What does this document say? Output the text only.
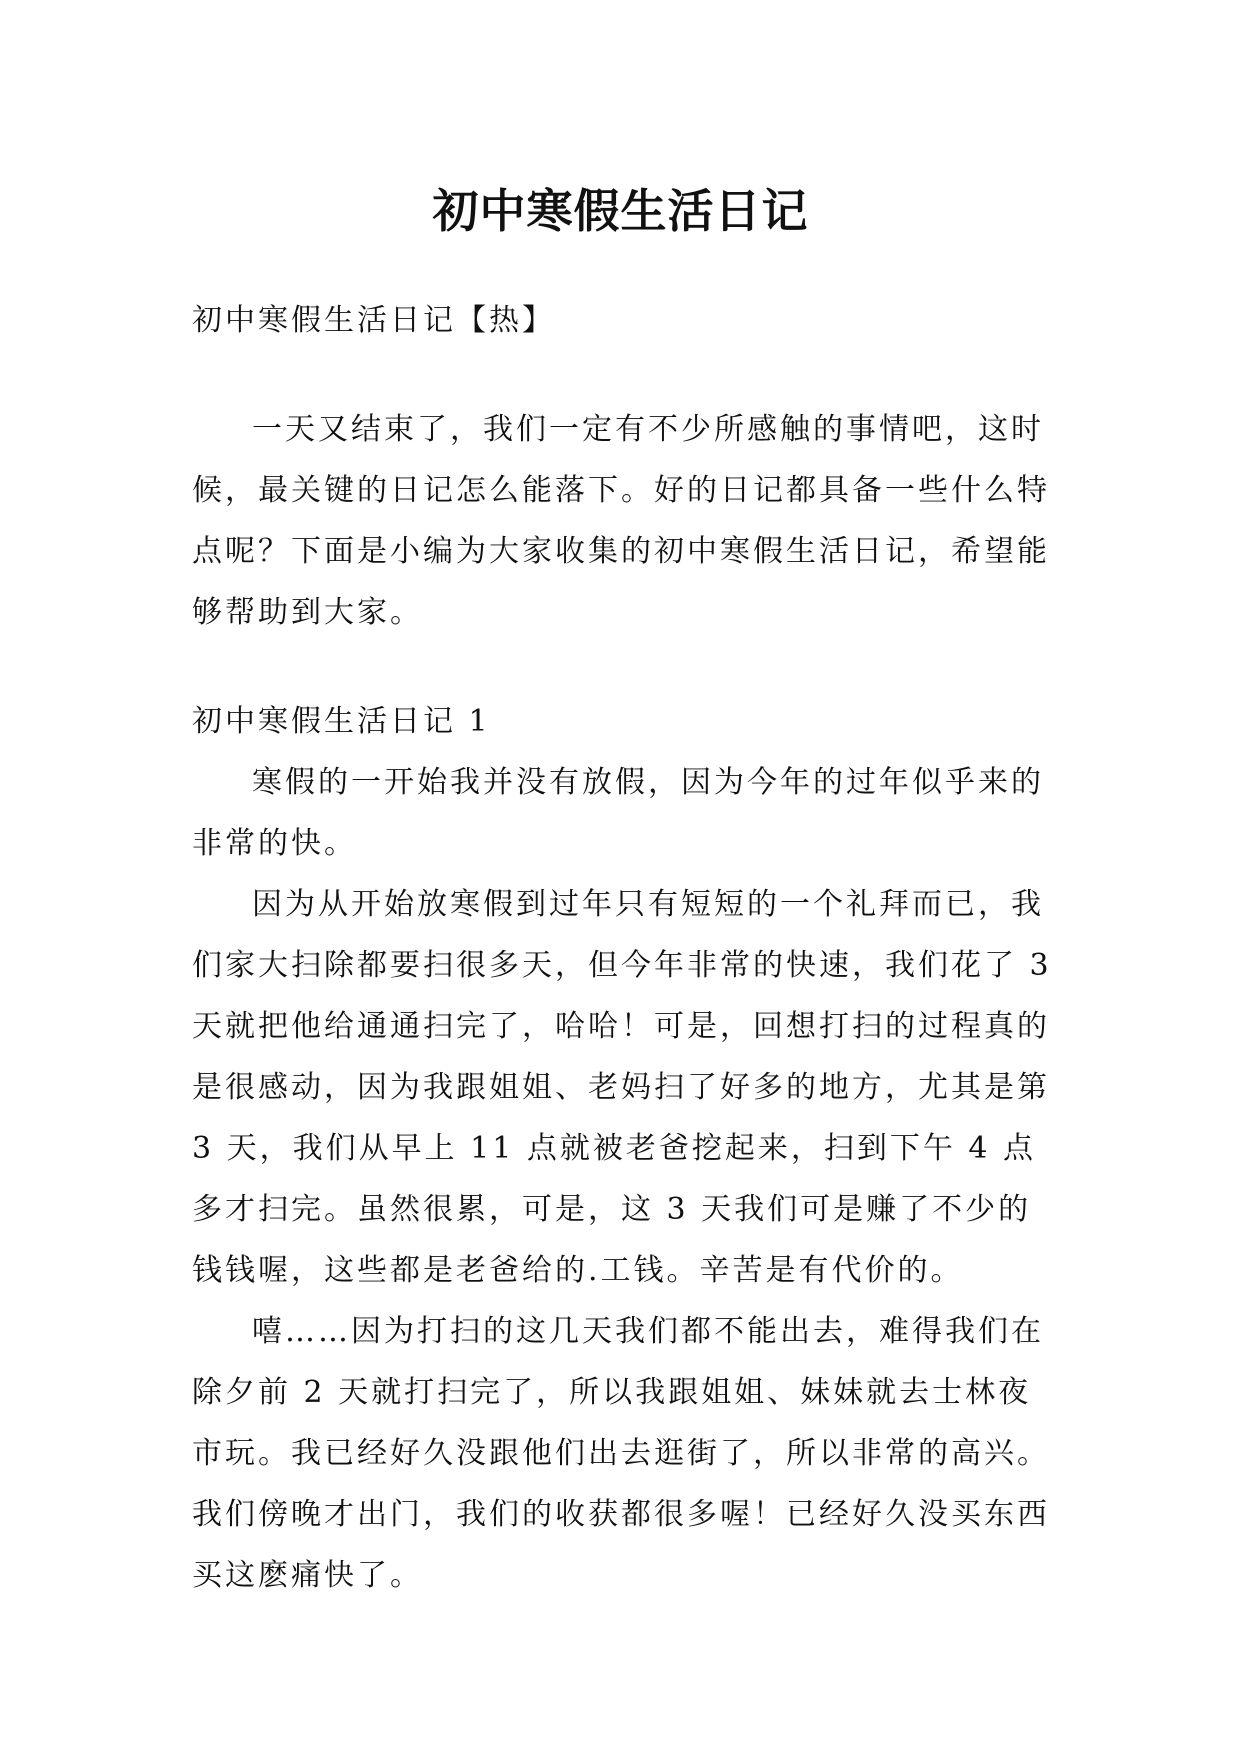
初中寒假生活日记

初中寒假生活日记【热】

一天又结束了，我们一定有不少所感触的事情吧，这时候，最关键的日记怎么能落下。好的日记都具备一些什么特点呢？下面是小编为大家收集的初中寒假生活日记，希望能够帮助到大家。

初中寒假生活日记 1

寒假的一开始我并没有放假，因为今年的过年似乎来的非常的快。

因为从开始放寒假到过年只有短短的一个礼拜而已，我们家大扫除都要扫很多天，但今年非常的快速，我们花了 3 天就把他给通通扫完了，哈哈！可是，回想打扫的过程真的是很感动，因为我跟姐姐、老妈扫了好多的地方，尤其是第 3 天，我们从早上 11 点就被老爸挖起来，扫到下午 4 点多才扫完。虽然很累，可是，这 3 天我们可是赚了不少的钱钱喔，这些都是老爸给的.工钱。辛苦是有代价的。

嘻……因为打扫的这几天我们都不能出去，难得我们在除夕前 2 天就打扫完了，所以我跟姐姐、妹妹就去士林夜市玩。我已经好久没跟他们出去逛街了，所以非常的高兴。我们傍晚才出门，我们的收获都很多喔！已经好久没买东西买这麽痛快了。
